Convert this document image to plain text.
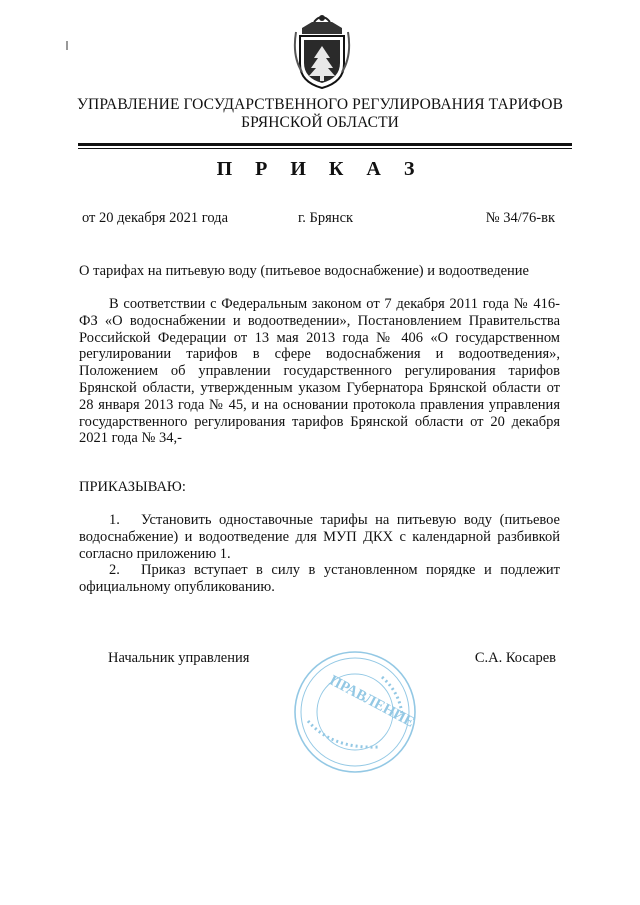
УПРАВЛЕНИЕ ГОСУДАРСТВЕННОГО РЕГУЛИРОВАНИЯ ТАРИФОВ
БРЯНСКОЙ ОБЛАСТИ
П Р И К А З
от 20 декабря 2021 года	г. Брянск	№ 34/76-вк
О тарифах на питьевую воду (питьевое водоснабжение) и водоотведение
В соответствии с Федеральным законом от 7 декабря 2011 года № 416-ФЗ «О водоснабжении и водоотведении», Постановлением Правительства Российской Федерации от 13 мая 2013 года № 406 «О государственном регулировании тарифов в сфере водоснабжения и водоотведения», Положением об управлении государственного регулирования тарифов Брянской области, утвержденным указом Губернатора Брянской области от 28 января 2013 года № 45, и на основании протокола правления управления государственного регулирования тарифов Брянской области от 20 декабря 2021 года № 34,-
ПРИКАЗЫВАЮ:
1. Установить одноставочные тарифы на питьевую воду (питьевое водоснабжение) и водоотведение для МУП ДКХ с календарной разбивкой согласно приложению 1.
2. Приказ вступает в силу в установленном порядке и подлежит официальному опубликованию.
Начальник управления	С.А. Косарев
ПРАВЛЕНИЕ
